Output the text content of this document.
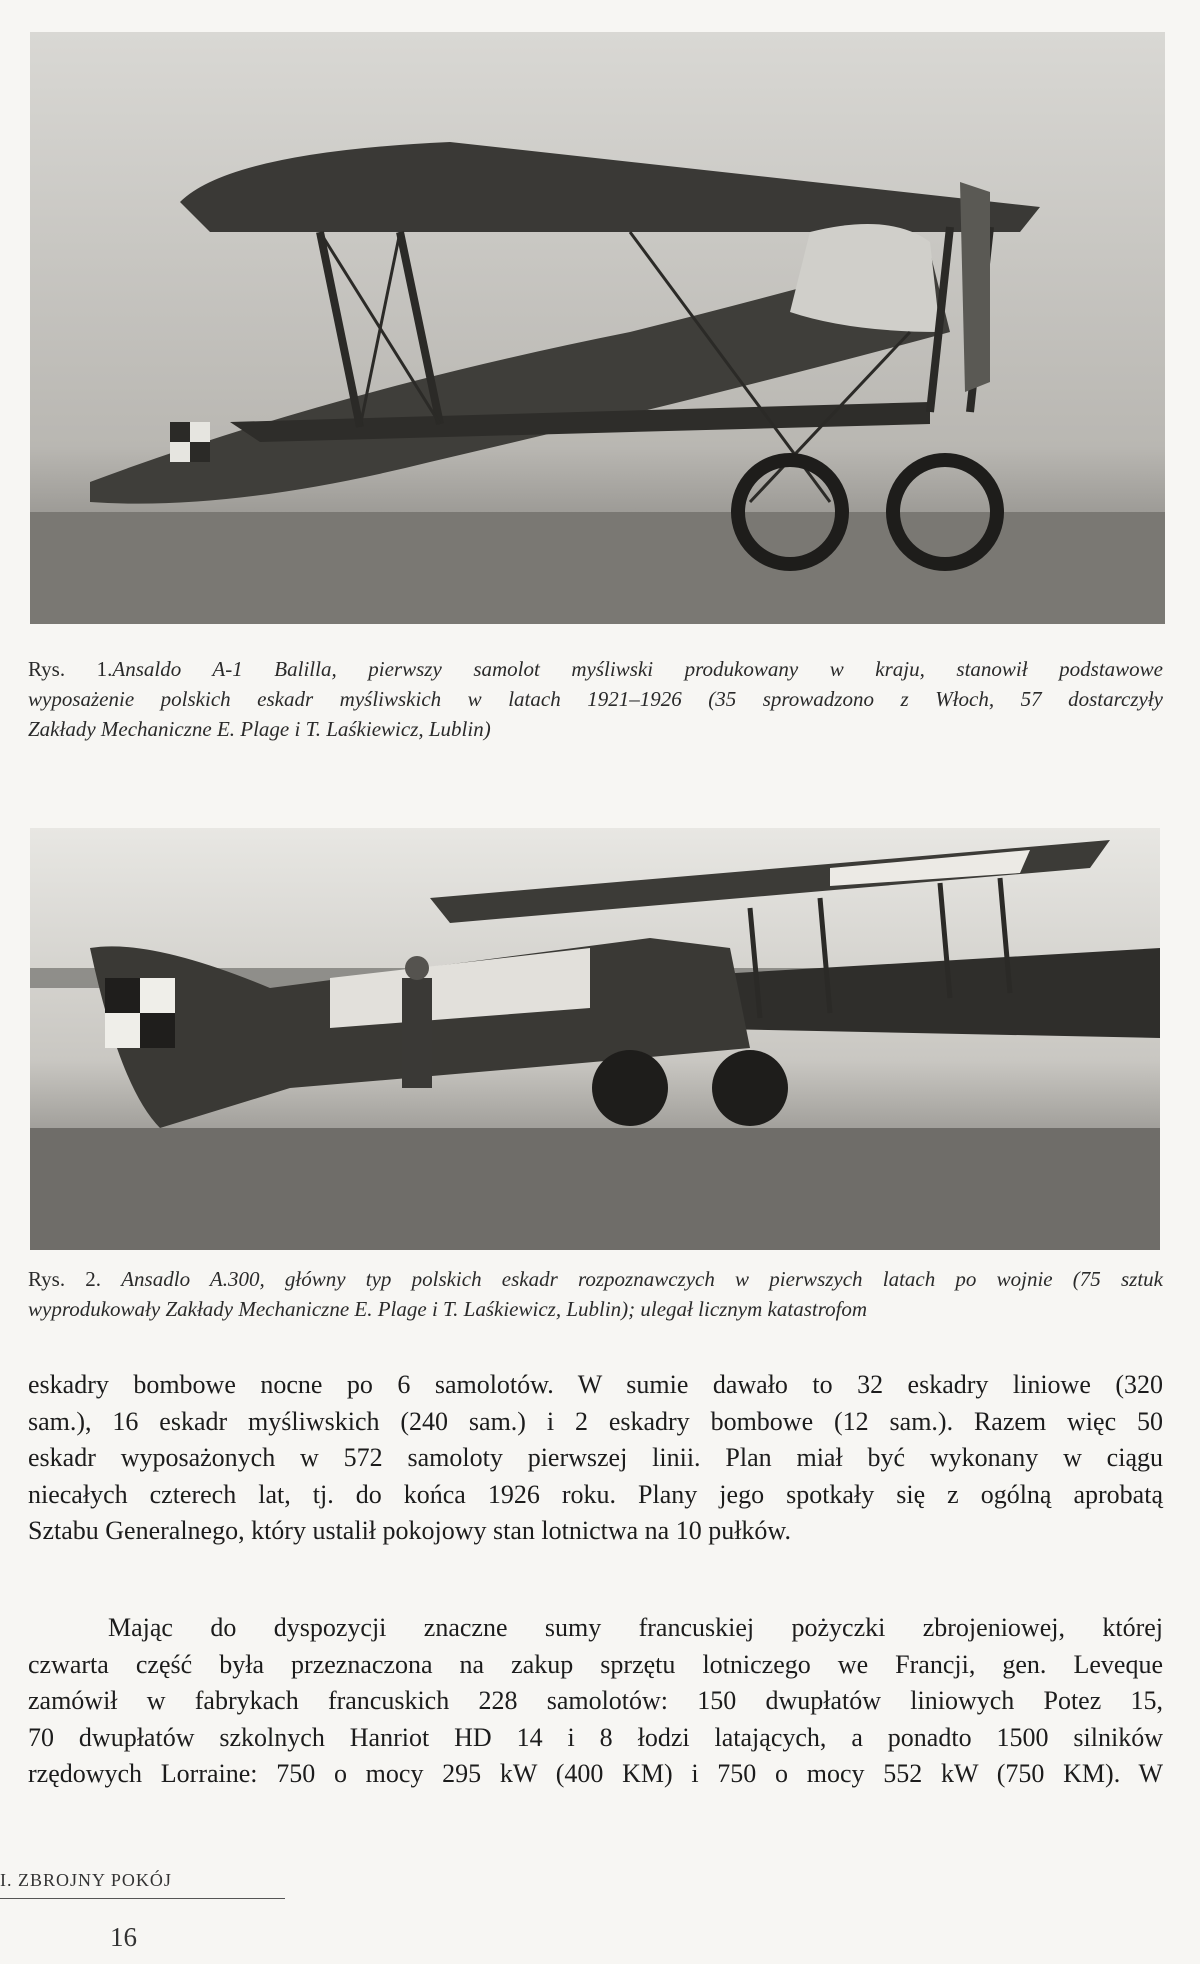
Rys. 1.Ansaldo A-1 Balilla, pierwszy samolot myśliwski produkowany w kraju, stanowił podstawowe
wyposażenie polskich eskadr myśliwskich w latach 1921–1926 (35 sprowadzono z Włoch, 57 dostarczyły
Zakłady Mechaniczne E. Plage i T. Laśkiewicz, Lublin)
Rys. 2. Ansadlo A.300, główny typ polskich eskadr rozpoznawczych w pierwszych latach po wojnie (75 sztuk
wyprodukowały Zakłady Mechaniczne E. Plage i T. Laśkiewicz, Lublin); ulegał licznym katastrofom
eskadry bombowe nocne po 6 samolotów. W sumie dawało to 32 eskadry liniowe (320
sam.), 16 eskadr myśliwskich (240 sam.) i 2 eskadry bombowe (12 sam.). Razem więc 50
eskadr wyposażonych w 572 samoloty pierwszej linii. Plan miał być wykonany w ciągu
niecałych czterech lat, tj. do końca 1926 roku. Plany jego spotkały się z ogólną aprobatą
Sztabu Generalnego, który ustalił pokojowy stan lotnictwa na 10 pułków.
Mając do dyspozycji znaczne sumy francuskiej pożyczki zbrojeniowej, której
czwarta część była przeznaczona na zakup sprzętu lotniczego we Francji, gen. Leveque
zamówił w fabrykach francuskich 228 samolotów: 150 dwupłatów liniowych Potez 15,
70 dwupłatów szkolnych Hanriot HD 14 i 8 łodzi latających, a ponadto 1500 silników
rzędowych Lorraine: 750 o mocy 295 kW (400 KM) i 750 o mocy 552 kW (750 KM). W
I. ZBROJNY POKÓJ
16
